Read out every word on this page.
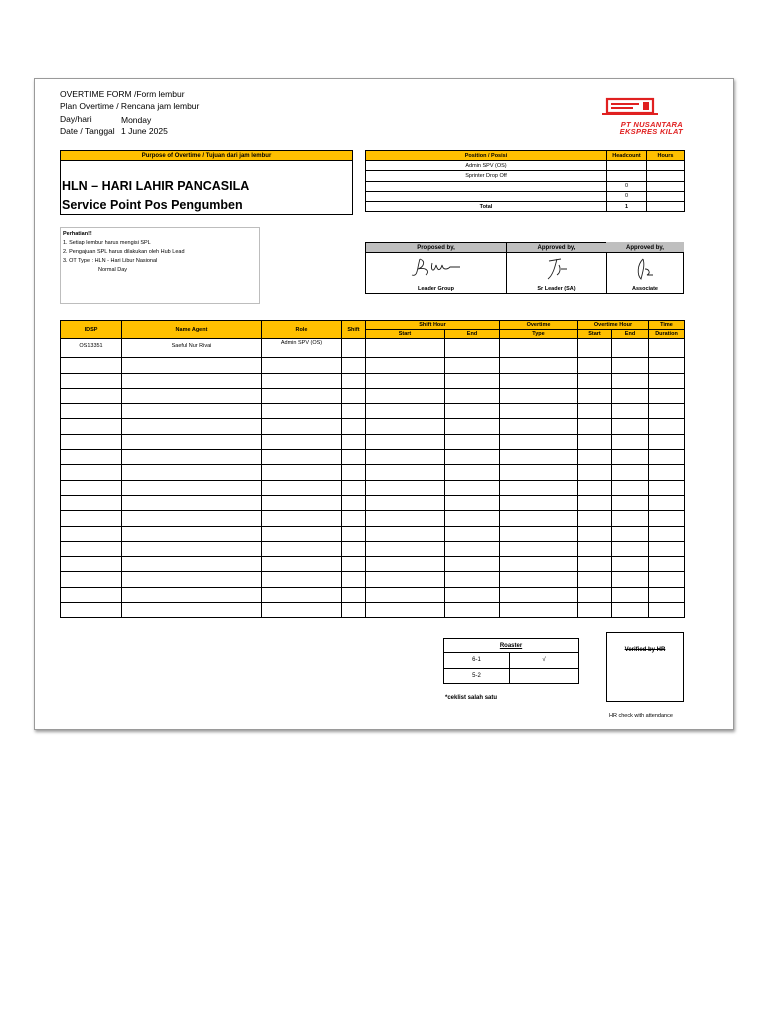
OVERTIME FORM /Form lembur
Plan Overtime / Rencana jam lembur
Day/hari	Monday
Date / Tanggal 1 June 2025
PT NUSANTARA
EKSPRES KILAT
Purpose of Overtime / Tujuan dari jam lembur
HLN – HARI LAHIR PANCASILA
Service Point Pos Pengumben
Position / Posisi	Headcount	Hours
Admin SPV (OS)		
Sprinter Drop Off		
	0	
	0	
Total	1	
Perhatian!!
1. Setiap lembur harus mengisi SPL
2. Pengajuan SPL harus dilakukan oleh Hub Lead
3. OT Type : HLN - Hari Libur Nasional
Normal Day
Proposed by,
Leader Group
Approved by,
Sr Leader (SA)
Approved by,
Associate
IDSP	Name Agent	Role	Shift	Shift Hour		Overtime	Overtime Hour		Time
				Start	End	Type	Start	End	Duration
OS13351	Saeful Nur Rivai	Admin SPV (OS)							

Roaster	
6-1	√
5-2	
*ceklist salah satu
Verified by HR
HR check with attendance
